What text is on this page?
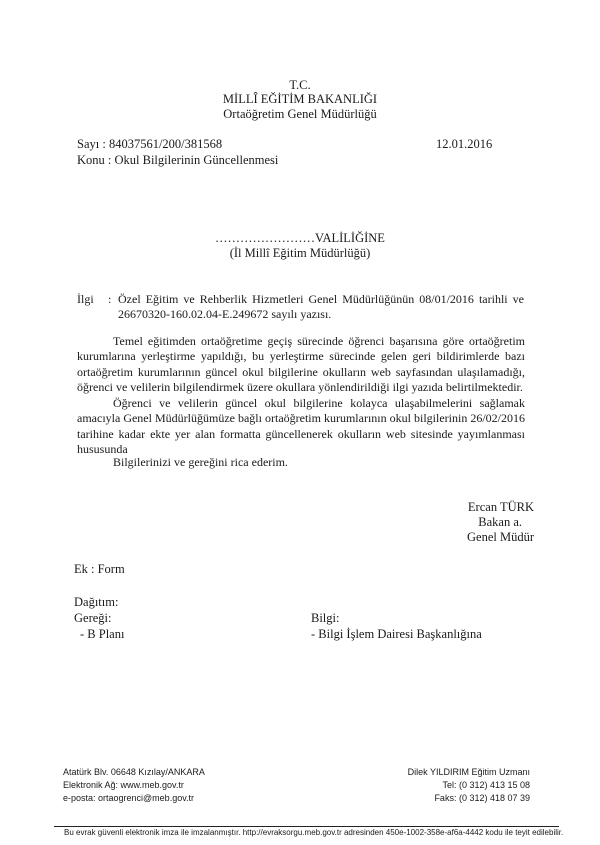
T.C.
MİLLÎ EĞİTİM BAKANLIĞI
Ortaöğretim Genel Müdürlüğü
Sayı : 84037561/200/381568
Konu : Okul Bilgilerinin Güncellenmesi
12.01.2016
……………………VALİLİĞİNE
(İl Millî Eğitim Müdürlüğü)
İlgi : Özel Eğitim ve Rehberlik Hizmetleri Genel Müdürlüğünün 08/01/2016 tarihli ve
26670320-160.02.04-E.249672 sayılı yazısı.
Temel eğitimden ortaöğretime geçiş sürecinde öğrenci başarısına göre ortaöğretim kurumlarına yerleştirme yapıldığı, bu yerleştirme sürecinde gelen geri bildirimlerde bazı ortaöğretim kurumlarının güncel okul bilgilerine okulların web sayfasından ulaşılamadığı, öğrenci ve velilerin bilgilendirmek üzere okullara yönlendirildiği ilgi yazıda belirtilmektedir.
Öğrenci ve velilerin güncel okul bilgilerine kolayca ulaşabilmelerini sağlamak amacıyla Genel Müdürlüğümüze bağlı ortaöğretim kurumlarının okul bilgilerinin 26/02/2016 tarihine kadar ekte yer alan formatta güncellenerek okulların web sitesinde yayımlanması hususunda
Bilgilerinizi ve gereğini rica ederim.
Ercan TÜRK
Bakan a.
Genel Müdür
Ek : Form
Dağıtım:
Gereği:
- B Planı
Bilgi:
- Bilgi İşlem Dairesi Başkanlığına
Atatürk Blv. 06648 Kızılay/ANKARA
Elektronik Ağ: www.meb.gov.tr
e-posta: ortaogrenci@meb.gov.tr
Dilek YILDIRIM Eğitim Uzmanı
Tel: (0 312) 413 15 08
Faks: (0 312) 418 07 39
Bu evrak güvenli elektronik imza ile imzalanmıştır. http://evraksorgu.meb.gov.tr adresinden 450e-1002-358e-af6a-4442 kodu ile teyit edilebilir.
